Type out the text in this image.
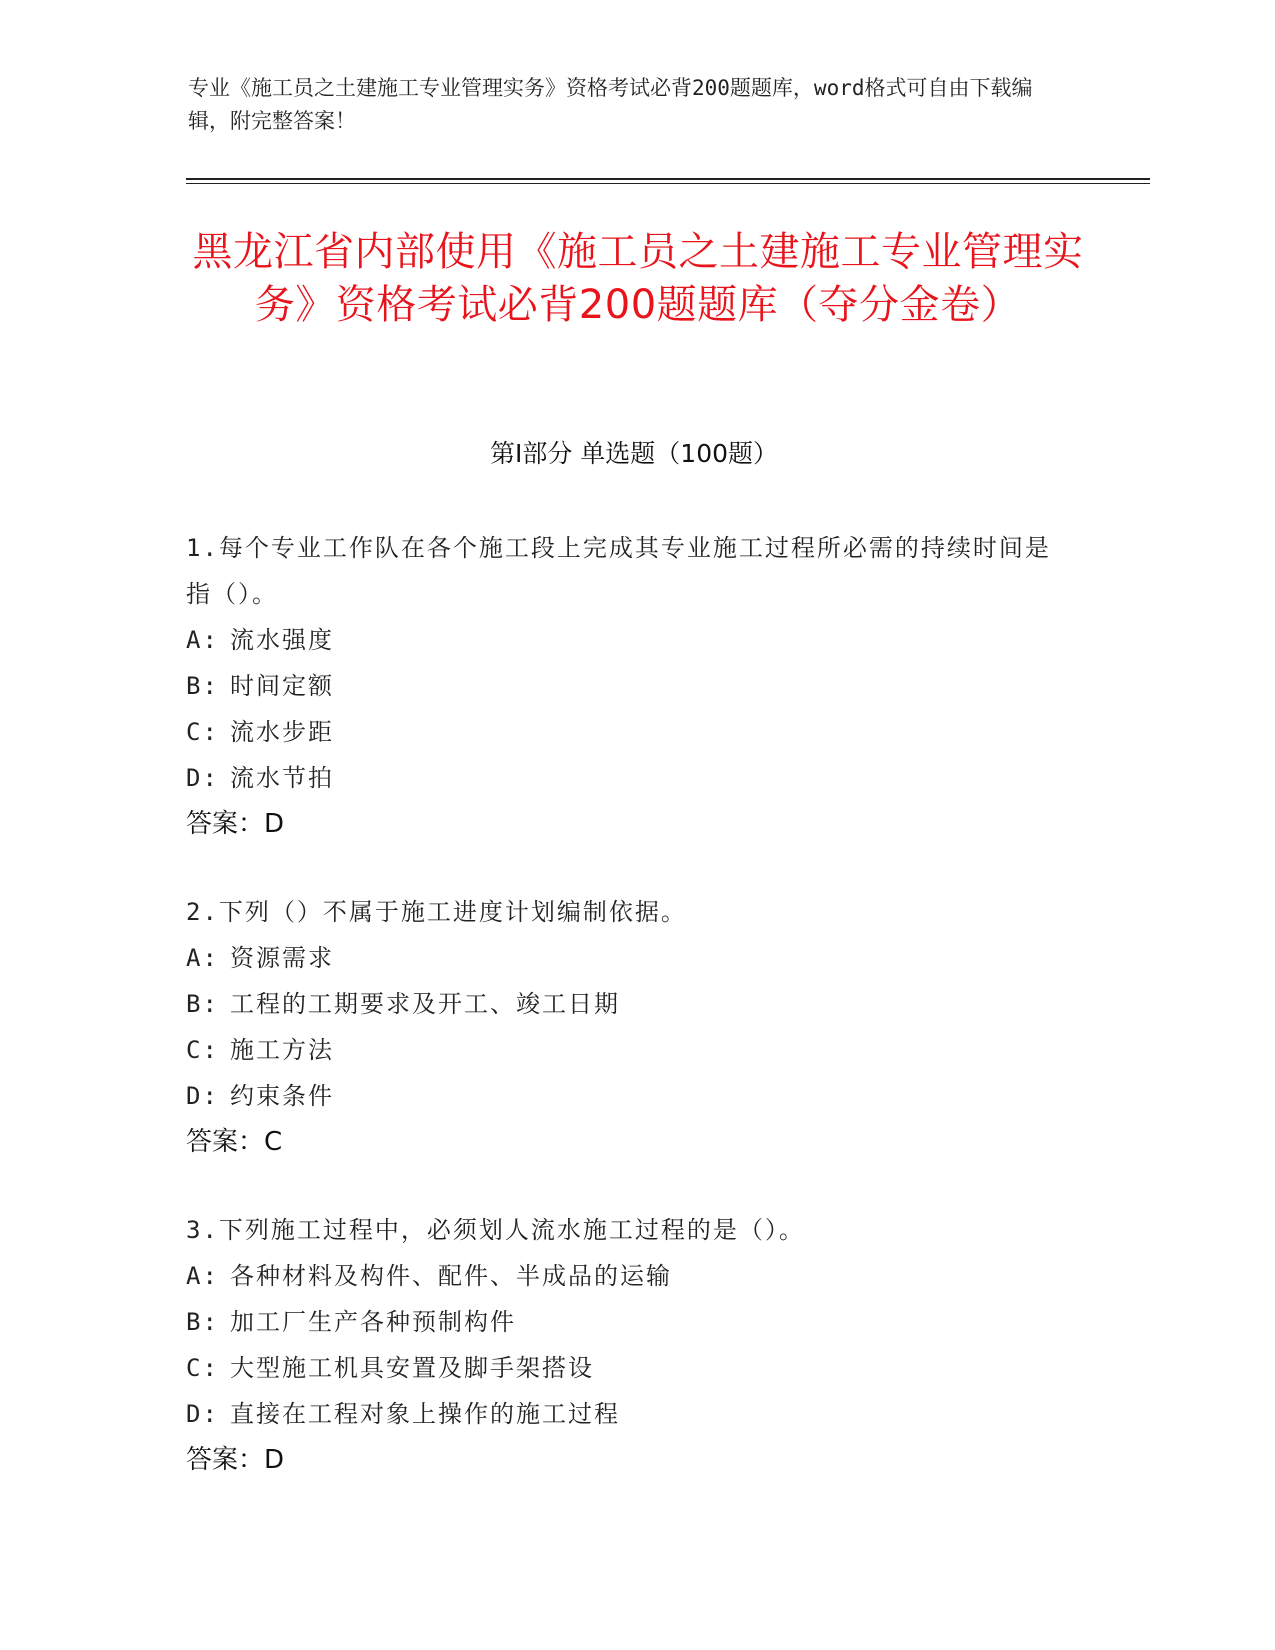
专业《施工员之土建施工专业管理实务》资格考试必背200题题库，word格式可自由下载编辑，附完整答案！
黑龙江省内部使用《施工员之土建施工专业管理实务》资格考试必背200题题库（夺分金卷）
第Ⅰ部分 单选题（100题）
1.每个专业工作队在各个施工段上完成其专业施工过程所必需的持续时间是指（）。
A: 流水强度
B: 时间定额
C: 流水步距
D: 流水节拍
答案：D
2.下列（）不属于施工进度计划编制依据。
A: 资源需求
B: 工程的工期要求及开工、竣工日期
C: 施工方法
D: 约束条件
答案：C
3.下列施工过程中，必须划人流水施工过程的是（）。
A: 各种材料及构件、配件、半成品的运输
B: 加工厂生产各种预制构件
C: 大型施工机具安置及脚手架搭设
D: 直接在工程对象上操作的施工过程
答案：D
